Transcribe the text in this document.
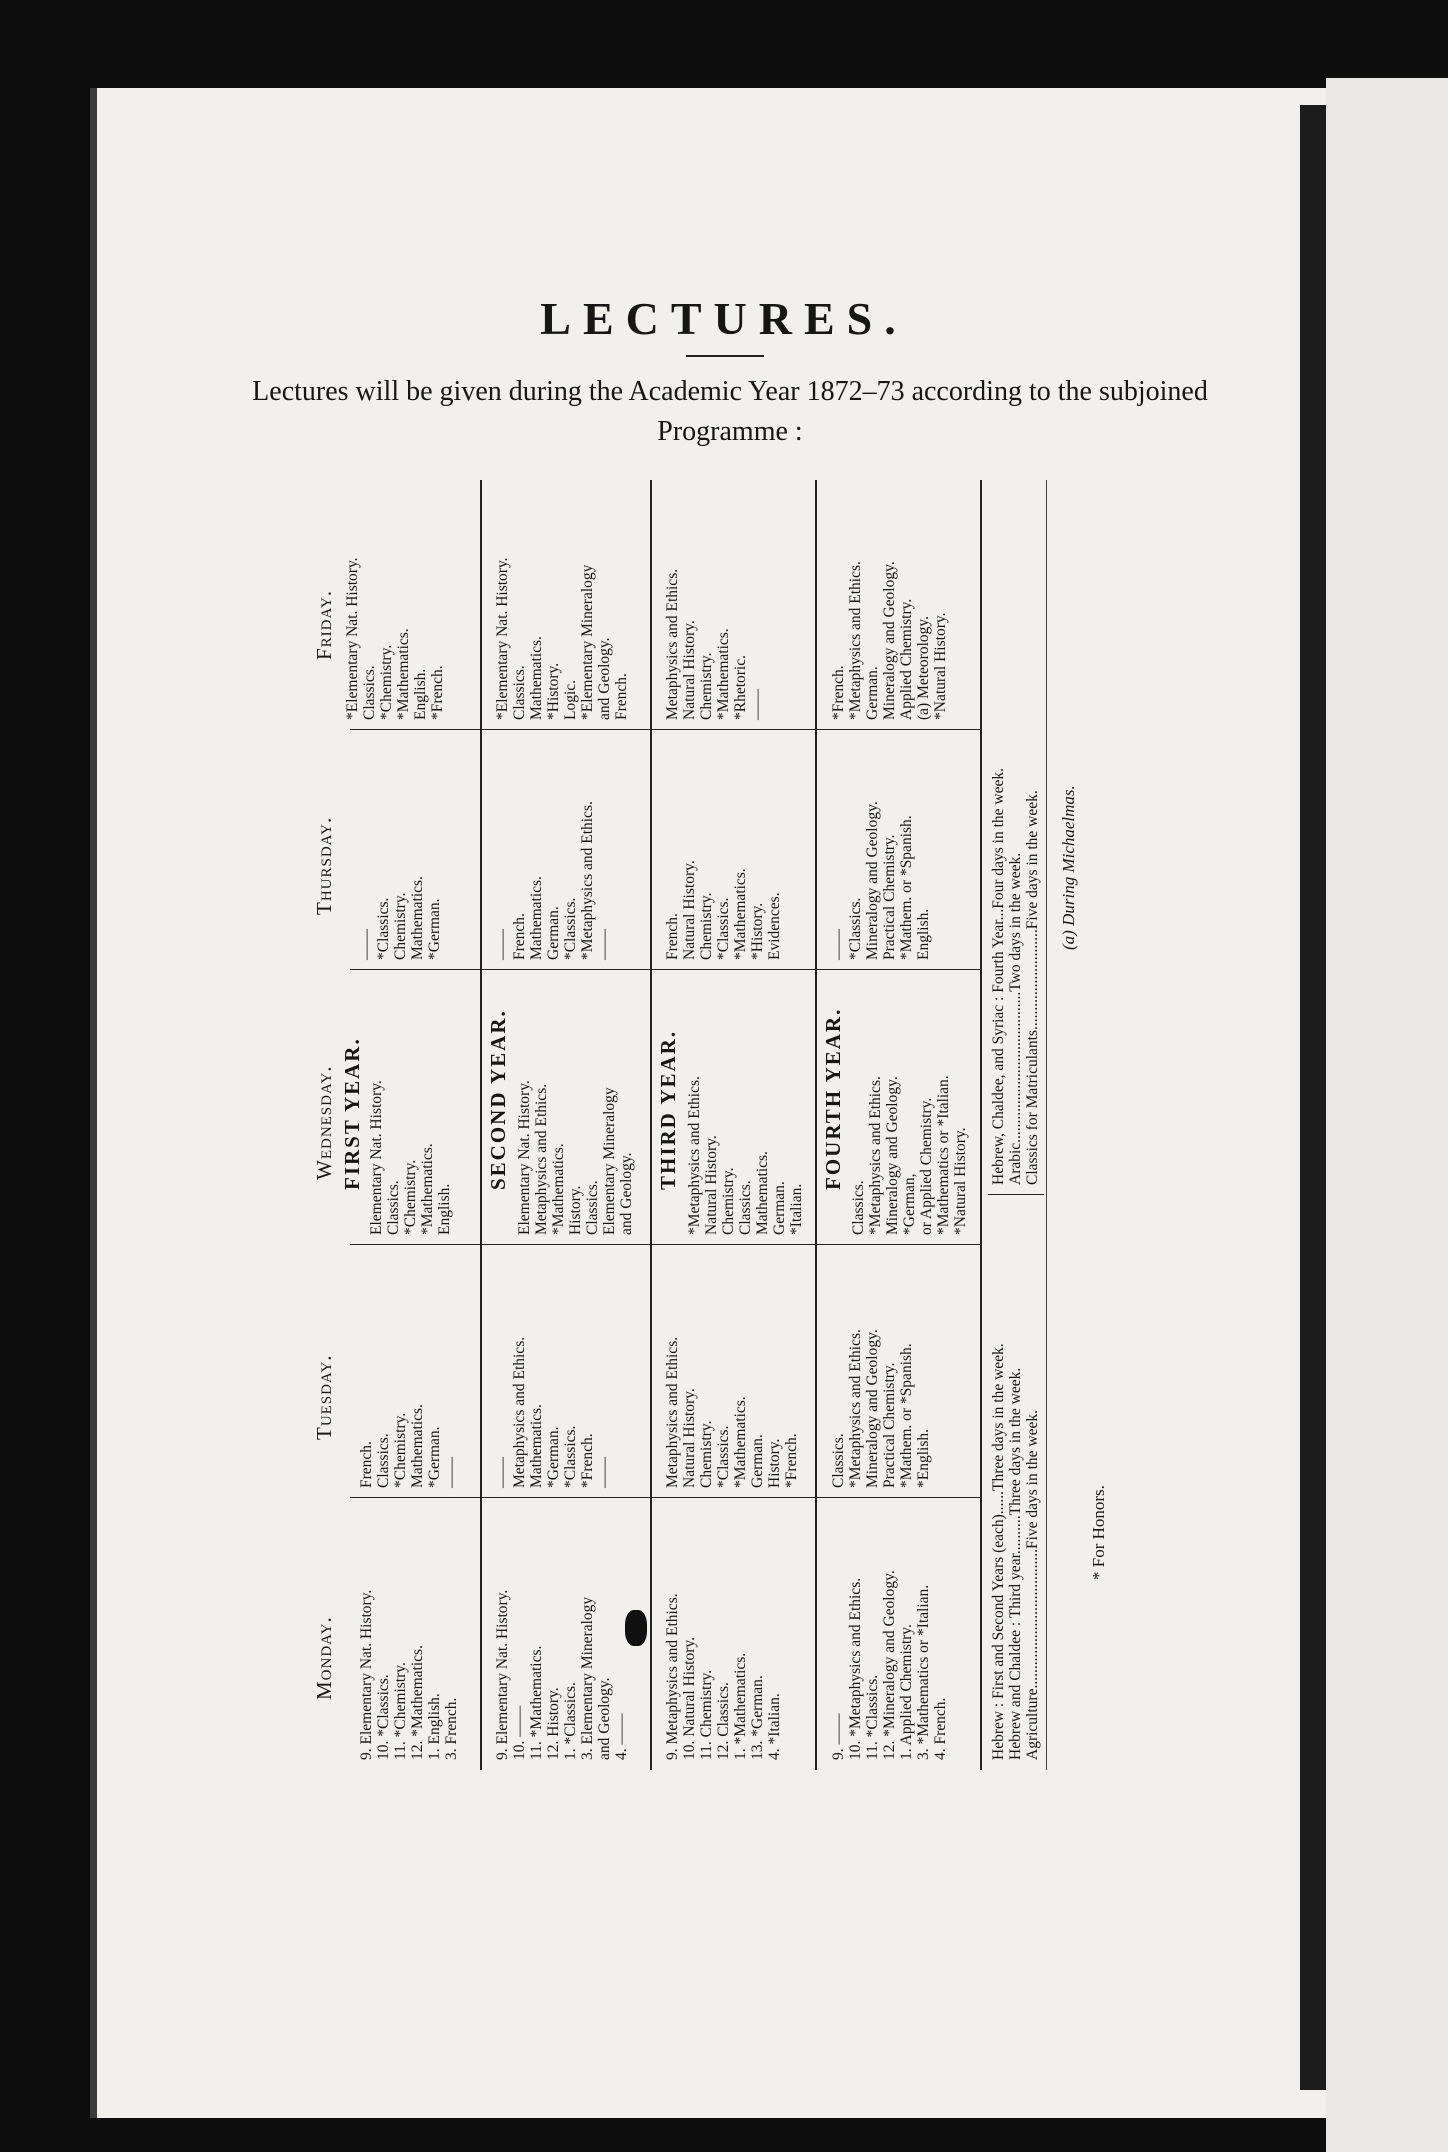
LECTURES.
Lectures will be given during the Academic Year 1872–73 according to the subjoined Programme :
Monday.
Tuesday.
Wednesday.
Thursday.
Friday.
FIRST YEAR.
9. Elementary Nat. History. 10. *Classics. 11. *Chemistry. 12. *Mathematics. 1. English. 3. French.
French. Classics. *Chemistry. Mathematics. *German. ——
Elementary Nat. History. Classics. *Chemistry. *Mathematics. English.
—— *Classics. Chemistry. Mathematics. *German.
*Elementary Nat. History. Classics. *Chemistry. *Mathematics. English. *French.
SECOND YEAR.
9. Elementary Nat. History. 10. —— 11. *Mathematics. 12. History. 1. *Classics. 3. Elementary Mineralogy and Geology. 4. ——
—— Metaphysics and Ethics. Mathematics. *German. *Classics. *French. ——
Elementary Nat. History. Metaphysics and Ethics. *Mathematics. History. Classics. Elementary Mineralogy and Geology.
—— French. Mathematics. German. *Classics. *Metaphysics and Ethics. ——
*Elementary Nat. History. Classics. Mathematics. *History. Logic. *Elementary Mineralogy and Geology. French.
THIRD YEAR.
9. Metaphysics and Ethics. 10. Natural History. 11. Chemistry. 12. Classics. 1. *Mathematics. 13. *German. 4. *Italian.
Metaphysics and Ethics. Natural History. Chemistry. *Classics. *Mathematics. German. History. *French.
*Metaphysics and Ethics. Natural History. Chemistry. Classics. Mathematics. German. *Italian.
French. Natural History. Chemistry. *Classics. *Mathematics. *History. Evidences.
Metaphysics and Ethics. Natural History. Chemistry. *Mathematics. *Rhetoric. ——
FOURTH YEAR.
9. —— 10. *Metaphysics and Ethics. 11. *Classics. 12. *Mineralogy and Geology. 1. Applied Chemistry. 3. *Mathematics or *Italian. 4. French.
Classics. *Metaphysics and Ethics. Mineralogy and Geology. Practical Chemistry. *Mathem. or *Spanish. *English.
Classics. *Metaphysics and Ethics. Mineralogy and Geology. *German, or Applied Chemistry. *Mathematics or *Italian. *Natural History.
—— *Classics. Mineralogy and Geology. Practical Chemistry. *Mathem. or *Spanish. English.
*French. *Metaphysics and Ethics. German. Mineralogy and Geology. Applied Chemistry. (a) Meteorology. *Natural History.
Hebrew : First and Second Years (each)......Three days in the week. Hebrew and Chaldee : Third year..........Three days in the week. Agriculture....................................Five days in the week.
Hebrew, Chaldee, and Syriac : Fourth Year...Four days in the week. Arabic.......................................Two days in the week. Classics for Matriculants..........................Five days in the week.
* For Honors.
(a) During Michaelmas.
